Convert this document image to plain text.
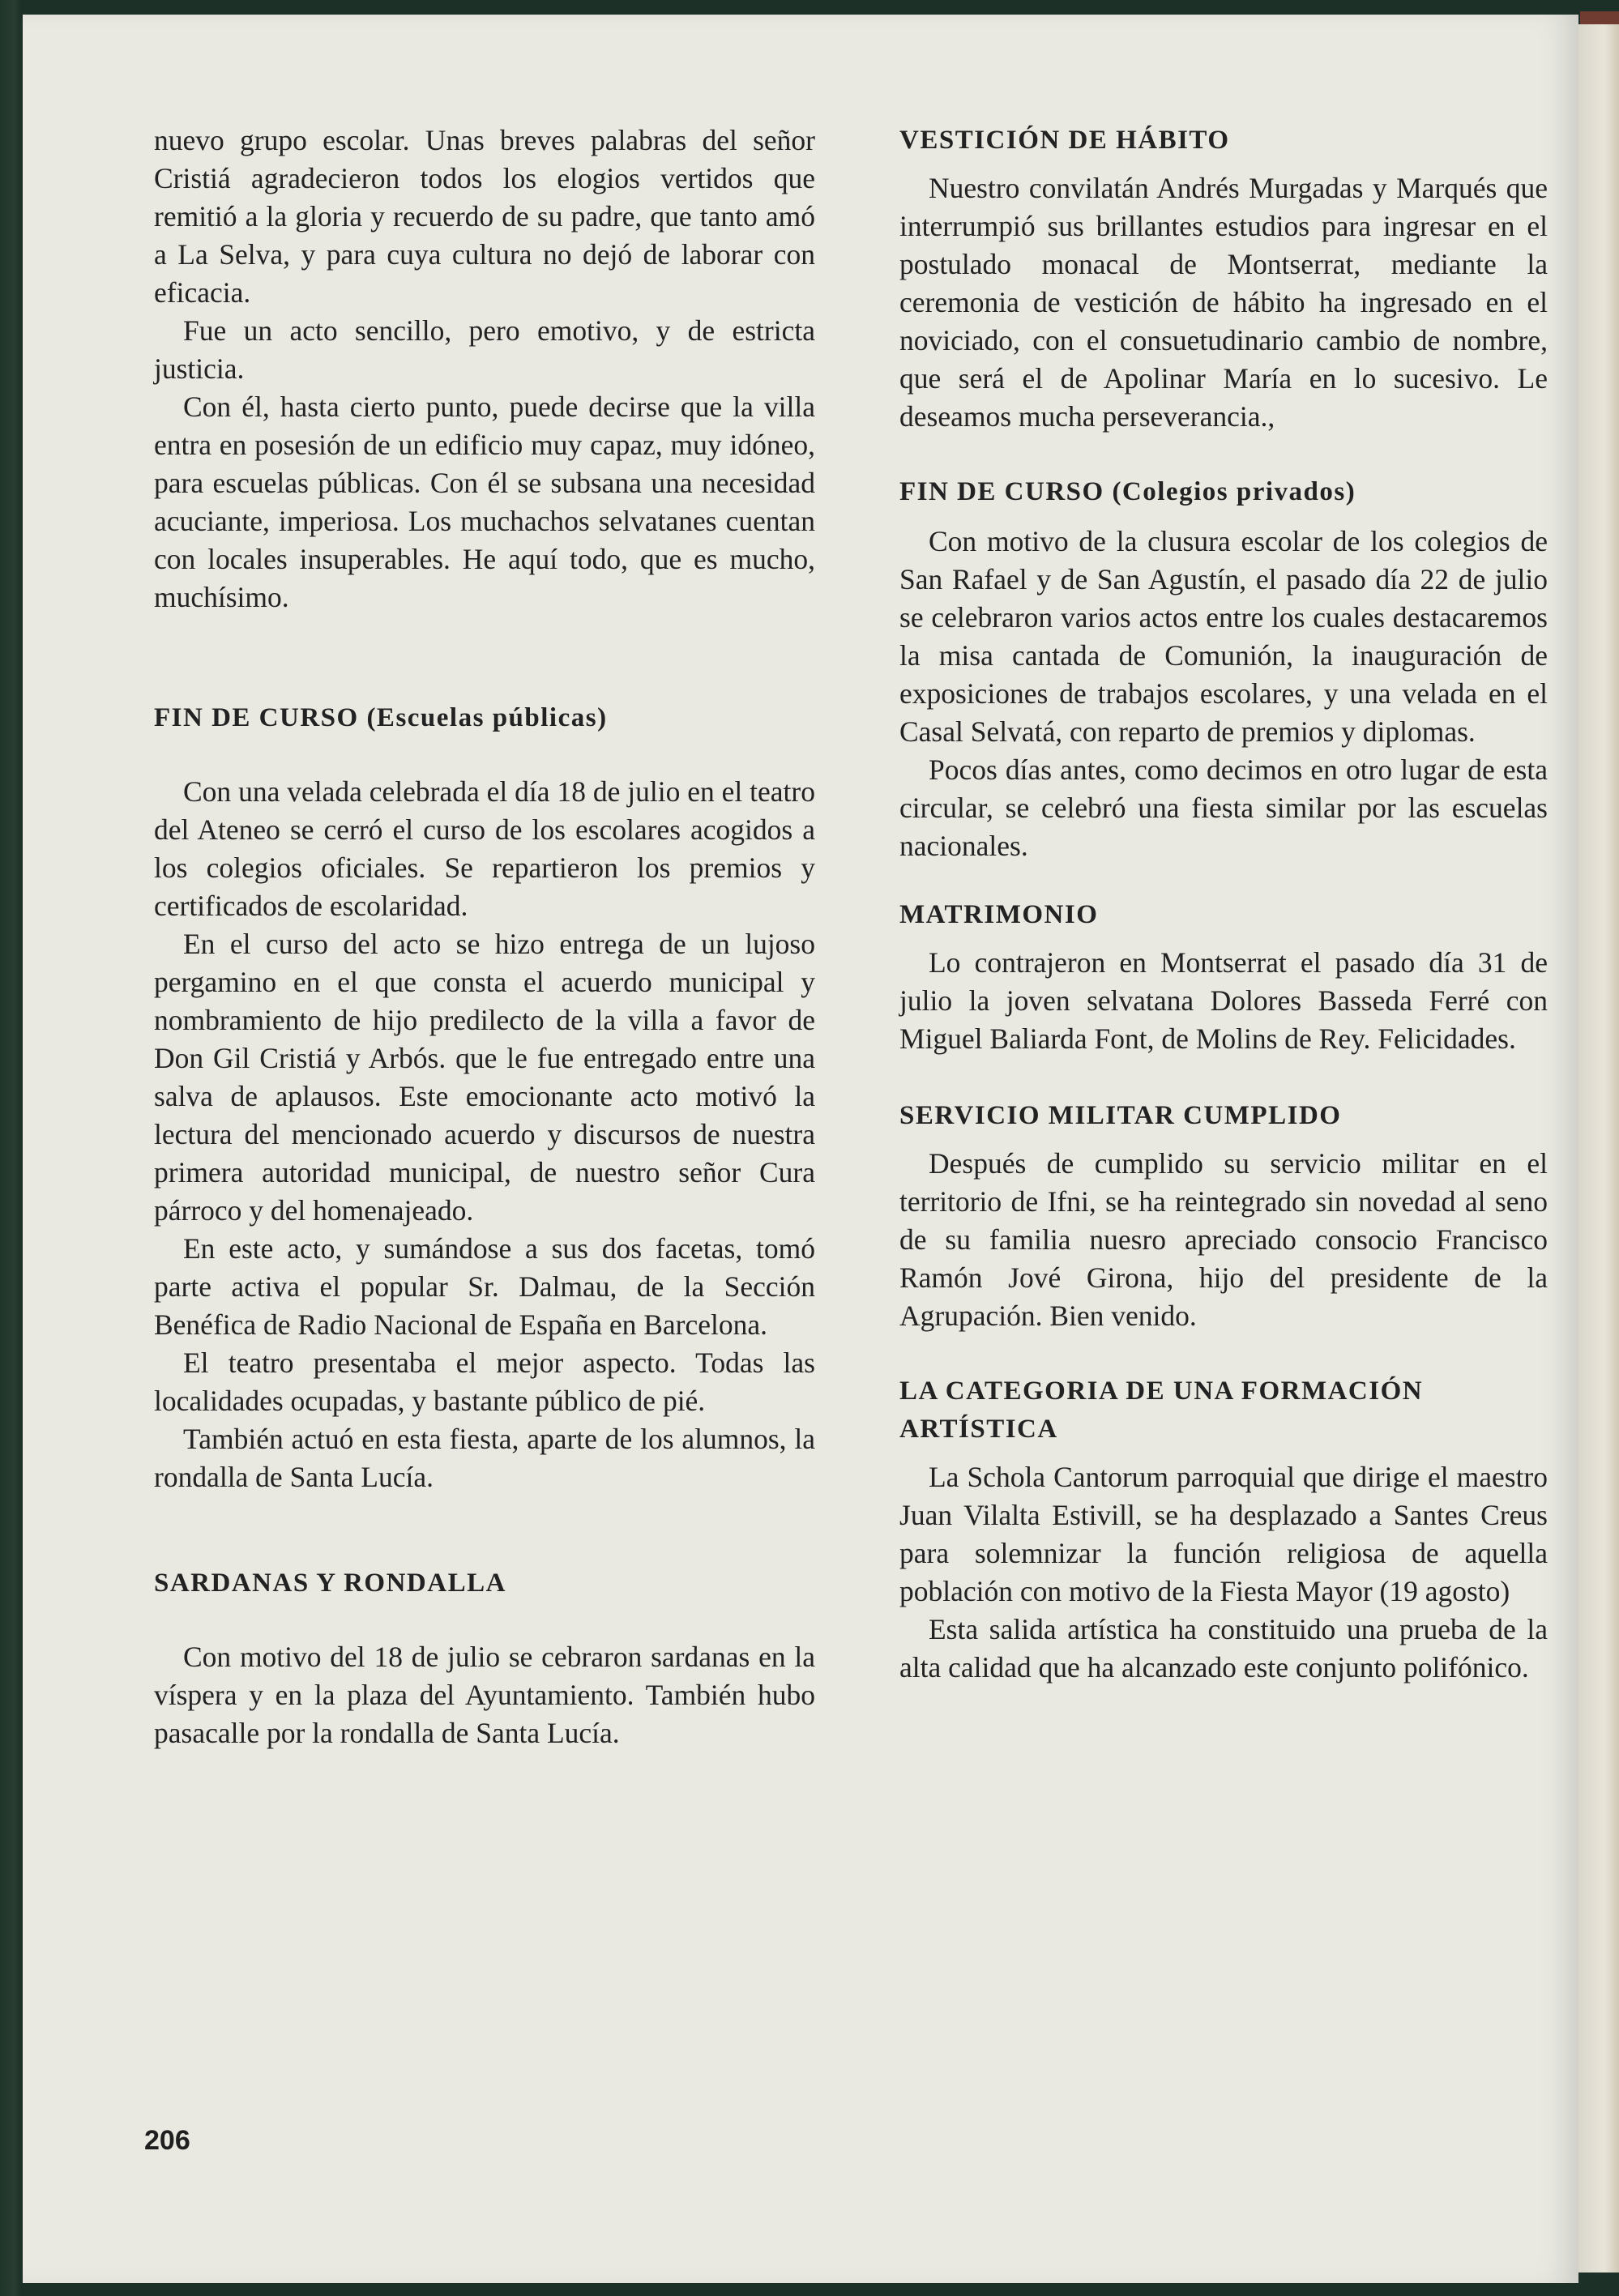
nuevo grupo escolar. Unas breves palabras del señor Cristiá agradecieron todos los elogios vertidos que remitió a la gloria y recuerdo de su padre, que tanto amó a La Selva, y para cuya cultura no dejó de laborar con eficacia.

Fue un acto sencillo, pero emotivo, y de estricta justicia.

Con él, hasta cierto punto, puede decirse que la villa entra en posesión de un edificio muy capaz, muy idóneo, para escuelas públicas. Con él se subsana una necesidad acuciante, imperiosa. Los muchachos selvatanes cuentan con locales insuperables. He aquí todo, que es mucho, muchísimo.

FIN DE CURSO (Escuelas públicas)

Con una velada celebrada el día 18 de julio en el teatro del Ateneo se cerró el curso de los escolares acogidos a los colegios oficiales. Se repartieron los premios y certificados de escolaridad.

En el curso del acto se hizo entrega de un lujoso pergamino en el que consta el acuerdo municipal y nombramiento de hijo predilecto de la villa a favor de Don Gil Cristiá y Arbós. que le fue entregado entre una salva de aplausos. Este emocionante acto motivó la lectura del mencionado acuerdo y discursos de nuestra primera autoridad municipal, de nuestro señor Cura párroco y del homenajeado.

En este acto, y sumándose a sus dos facetas, tomó parte activa el popular Sr. Dalmau, de la Sección Benéfica de Radio Nacional de España en Barcelona.

El teatro presentaba el mejor aspecto. Todas las localidades ocupadas, y bastante público de pié.

También actuó en esta fiesta, aparte de los alumnos, la rondalla de Santa Lucía.

SARDANAS Y RONDALLA

Con motivo del 18 de julio se cebraron sardanas en la víspera y en la plaza del Ayuntamiento. También hubo pasacalle por la rondalla de Santa Lucía.

VESTICIÓN DE HÁBITO

Nuestro convilatán Andrés Murgadas y Marqués que interrumpió sus brillantes estudios para ingresar en el postulado monacal de Montserrat, mediante la ceremonia de vestición de hábito ha ingresado en el noviciado, con el consuetudinario cambio de nombre, que será el de Apolinar María en lo sucesivo. Le deseamos mucha perseverancia.,

FIN DE CURSO (Colegios privados)

Con motivo de la clusura escolar de los colegios de San Rafael y de San Agustín, el pasado día 22 de julio se celebraron varios actos entre los cuales destacaremos la misa cantada de Comunión, la inauguración de exposiciones de trabajos escolares, y una velada en el Casal Selvatá, con reparto de premios y diplomas.

Pocos días antes, como decimos en otro lugar de esta circular, se celebró una fiesta similar por las escuelas nacionales.

MATRIMONIO

Lo contrajeron en Montserrat el pasado día 31 de julio la joven selvatana Dolores Basseda Ferré con Miguel Baliarda Font, de Molins de Rey. Felicidades.

SERVICIO MILITAR CUMPLIDO

Después de cumplido su servicio militar en el territorio de Ifni, se ha reintegrado sin novedad al seno de su familia nuesro apreciado consocio Francisco Ramón Jové Girona, hijo del presidente de la Agrupación. Bien venido.

LA CATEGORIA DE UNA FORMACIÓN ARTÍSTICA

La Schola Cantorum parroquial que dirige el maestro Juan Vilalta Estivill, se ha desplazado a Santes Creus para solemnizar la función religiosa de aquella población con motivo de la Fiesta Mayor (19 agosto)

Esta salida artística ha constituido una prueba de la alta calidad que ha alcanzado este conjunto polifónico.

206
